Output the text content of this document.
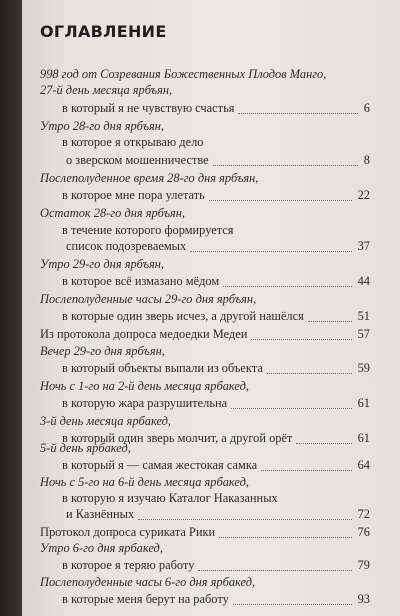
ОГЛАВЛЕНИЕ
998 год от Созревания Божественных Плодов Манго,
27-й день месяца ярбъян,
в который я не чувствую счастья	6
Утро 28-го дня ярбъян,
в которое я открываю дело
о зверском мошенничестве	8
Послеполуденное время 28-го дня ярбъян,
в которое мне пора улетать	22
Остаток 28-го дня ярбъян,
в течение которого формируется
список подозреваемых	37
Утро 29-го дня ярбъян,
в которое всё измазано мёдом	44
Послеполуденные часы 29-го дня ярбъян,
в которые один зверь исчез, а другой нашёлся	51
Из протокола допроса медоедки Медеи	57
Вечер 29-го дня ярбъян,
в который объекты выпали из объекта	59
Ночь с 1-го на 2-й день месяца ярбакед,
в которую жара разрушительна	61
3-й день месяца ярбакед,
в который один зверь молчит, а другой орёт	61
5-й день ярбакед,
в который я — самая жестокая самка	64
Ночь с 5-го на 6-й день месяца ярбакед,
в которую я изучаю Каталог Наказанных
и Казнённых	72
Протокол допроса суриката Рики	76
Утро 6-го дня ярбакед,
в которое я теряю работу	79
Послеполуденные часы 6-го дня ярбакед,
в которые меня берут на работу	93
